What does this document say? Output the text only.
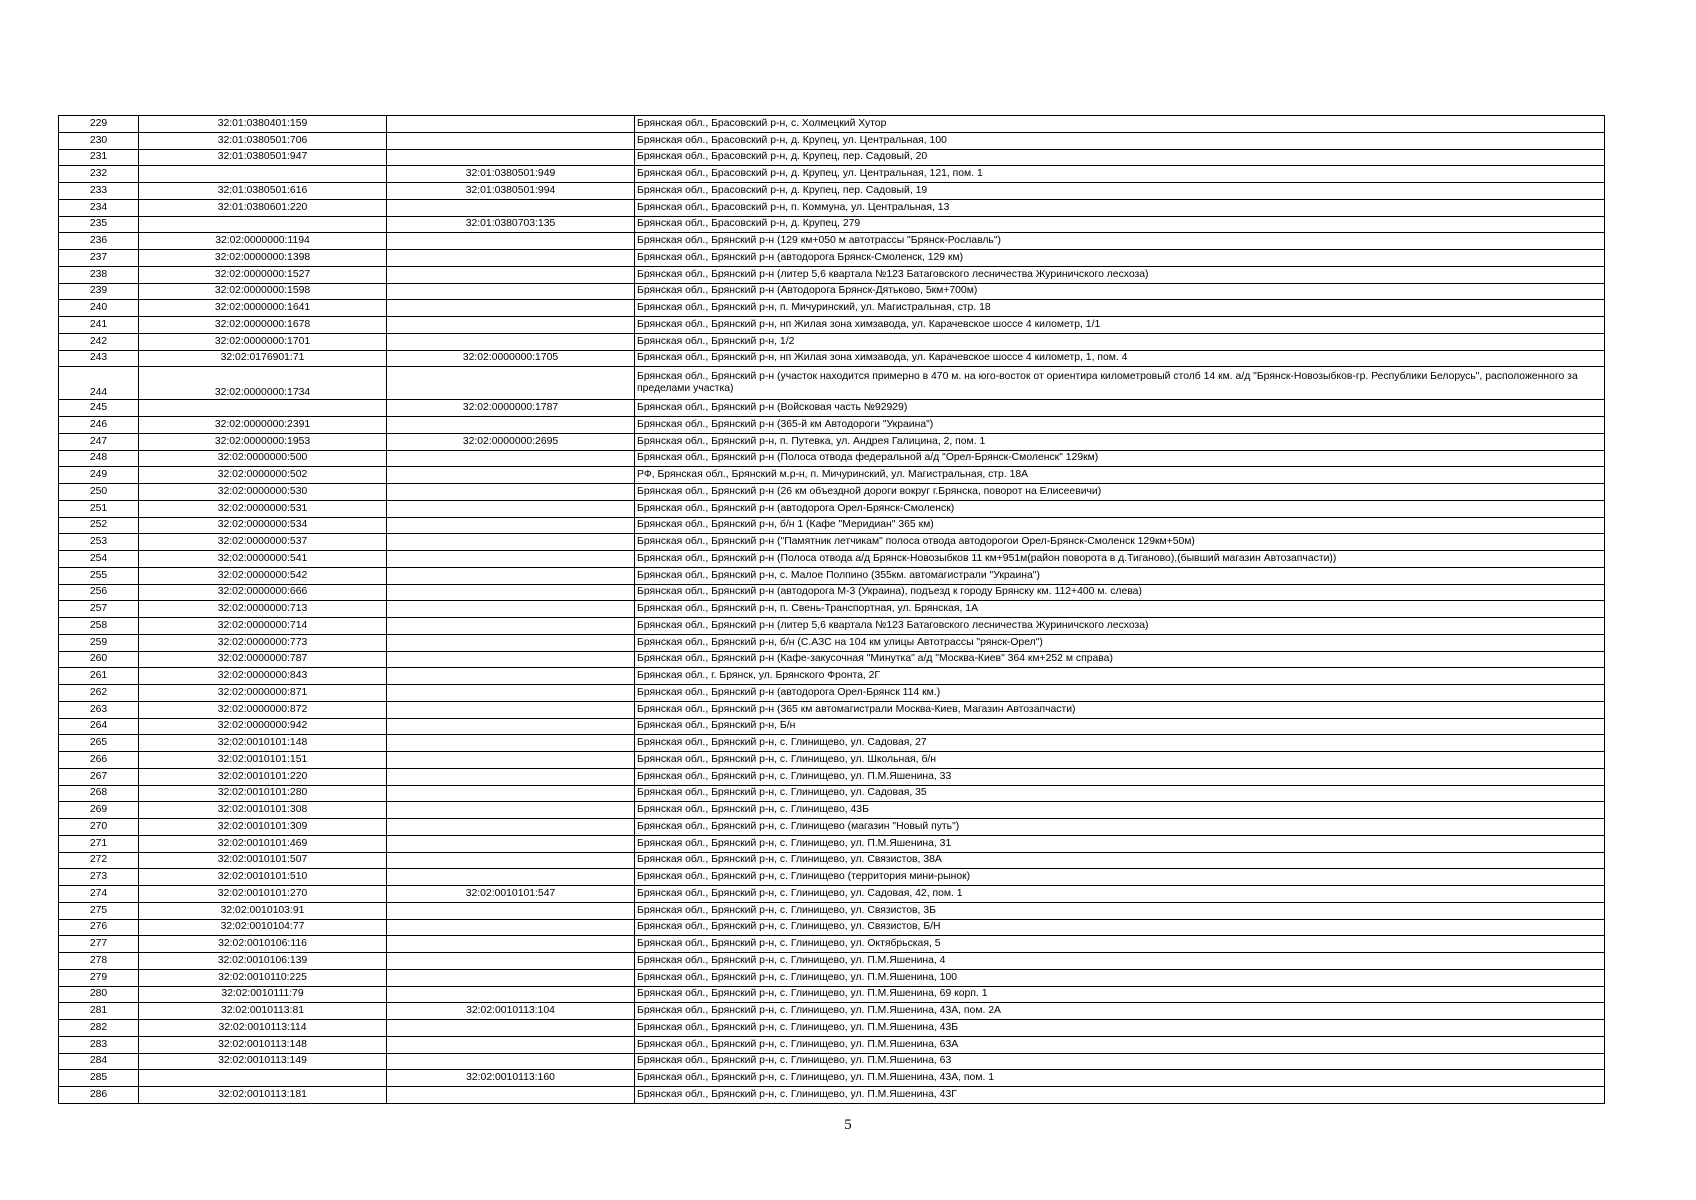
229	32:01:0380401:159		Брянская обл., Брасовский р-н, с. Холмецкий Хутор
230	32:01:0380501:706		Брянская обл., Брасовский р-н, д. Крупец, ул. Центральная, 100
231	32:01:0380501:947		Брянская обл., Брасовский р-н, д. Крупец, пер. Садовый, 20
232		32:01:0380501:949	Брянская обл., Брасовский р-н, д. Крупец, ул. Центральная, 121, пом. 1
233	32:01:0380501:616	32:01:0380501:994	Брянская обл., Брасовский р-н, д. Крупец, пер. Садовый, 19
234	32:01:0380601:220		Брянская обл., Брасовский р-н, п. Коммуна, ул. Центральная, 13
235		32:01:0380703:135	Брянская обл., Брасовский р-н, д. Крупец, 279
236	32:02:0000000:1194		Брянская обл., Брянский р-н (129 км+050 м автотрассы "Брянск-Рославль")
237	32:02:0000000:1398		Брянская обл., Брянский р-н (автодорога Брянск-Смоленск, 129 км)
238	32:02:0000000:1527		Брянская обл., Брянский р-н (литер 5,6 квартала №123 Батаговского лесничества Журиничского лесхоза)
239	32:02:0000000:1598		Брянская обл., Брянский р-н (Автодорога Брянск-Дятьково, 5км+700м)
240	32:02:0000000:1641		Брянская обл., Брянский р-н, п. Мичуринский, ул. Магистральная, стр. 18
241	32:02:0000000:1678		Брянская обл., Брянский р-н, нп Жилая зона химзавода, ул. Карачевское шоссе 4 километр, 1/1
242	32:02:0000000:1701		Брянская обл., Брянский р-н, 1/2
243	32:02:0176901:71	32:02:0000000:1705	Брянская обл., Брянский р-н, нп Жилая зона химзавода, ул. Карачевское шоссе 4 километр, 1, пом. 4
244	32:02:0000000:1734		Брянская обл., Брянский р-н (участок находится примерно в 470 м. на юго-восток от ориентира километровый столб 14 км. а/д "Брянск-Новозыбков-гр. Республики Белорусь", расположенного за пределами участка)
245		32:02:0000000:1787	Брянская обл., Брянский р-н (Войсковая часть №92929)
246	32:02:0000000:2391		Брянская обл., Брянский р-н (365-й км Автодороги "Украина")
247	32:02:0000000:1953	32:02:0000000:2695	Брянская обл., Брянский р-н, п. Путевка, ул. Андрея Галицина, 2, пом. 1
248	32:02:0000000:500		Брянская обл., Брянский р-н (Полоса отвода федеральной а/д "Орел-Брянск-Смоленск" 129км)
249	32:02:0000000:502		РФ, Брянская обл., Брянский м.р-н, п. Мичуринский, ул. Магистральная, стр. 18А
250	32:02:0000000:530		Брянская обл., Брянский р-н (26 км объездной дороги вокруг г.Брянска, поворот на Елисеевичи)
251	32:02:0000000:531		Брянская обл., Брянский р-н (автодорога Орел-Брянск-Смоленск)
252	32:02:0000000:534		Брянская обл., Брянский р-н, б/н 1 (Кафе "Меридиан" 365 км)
253	32:02:0000000:537		Брянская обл., Брянский р-н ("Памятник летчикам" полоса отвода автодорогои Орел-Брянск-Смоленск 129км+50м)
254	32:02:0000000:541		Брянская обл., Брянский р-н (Полоса отвода а/д Брянск-Новозыбков 11 км+951м(район поворота в д.Тиганово),(бывший магазин Автозапчасти))
255	32:02:0000000:542		Брянская обл., Брянский р-н, с. Малое Полпино (355км. автомагистрали "Украина")
256	32:02:0000000:666		Брянская обл., Брянский р-н (автодорога М-3 (Украина), подъезд к городу Брянску км. 112+400 м. слева)
257	32:02:0000000:713		Брянская обл., Брянский р-н, п. Свень-Транспортная, ул. Брянская, 1А
258	32:02:0000000:714		Брянская обл., Брянский р-н (литер 5,6 квартала №123 Батаговского лесничества Журиничского лесхоза)
259	32:02:0000000:773		Брянская обл., Брянский р-н, б/н (С.АЗС на 104 км улицы Автотрассы "рянск-Орел")
260	32:02:0000000:787		Брянская обл., Брянский р-н (Кафе-закусочная "Минутка" а/д "Москва-Киев" 364 км+252 м справа)
261	32:02:0000000:843		Брянская обл., г. Брянск, ул. Брянского Фронта, 2Г
262	32:02:0000000:871		Брянская обл., Брянский р-н (автодорога Орел-Брянск 114 км.)
263	32:02:0000000:872		Брянская обл., Брянский р-н (365 км автомагистрали Москва-Киев, Магазин Автозапчасти)
264	32:02:0000000:942		Брянская обл., Брянский р-н, Б/н
265	32:02:0010101:148		Брянская обл., Брянский р-н, с. Глинищево, ул. Садовая, 27
266	32:02:0010101:151		Брянская обл., Брянский р-н, с. Глинищево, ул. Школьная, б/н
267	32:02:0010101:220		Брянская обл., Брянский р-н, с. Глинищево, ул. П.М.Яшенина, 33
268	32:02:0010101:280		Брянская обл., Брянский р-н, с. Глинищево, ул. Садовая, 35
269	32:02:0010101:308		Брянская обл., Брянский р-н, с. Глинищево, 43Б
270	32:02:0010101:309		Брянская обл., Брянский р-н, с. Глинищево (магазин "Новый путь")
271	32:02:0010101:469		Брянская обл., Брянский р-н, с. Глинищево, ул. П.М.Яшенина, 31
272	32:02:0010101:507		Брянская обл., Брянский р-н, с. Глинищево, ул. Связистов, 38А
273	32:02:0010101:510		Брянская обл., Брянский р-н, с. Глинищево (территория мини-рынок)
274	32:02:0010101:270	32:02:0010101:547	Брянская обл., Брянский р-н, с. Глинищево, ул. Садовая, 42, пом. 1
275	32:02:0010103:91		Брянская обл., Брянский р-н, с. Глинищево, ул. Связистов, 3Б
276	32:02:0010104:77		Брянская обл., Брянский р-н, с. Глинищево, ул. Связистов, Б/Н
277	32:02:0010106:116		Брянская обл., Брянский р-н, с. Глинищево, ул. Октябрьская, 5
278	32:02:0010106:139		Брянская обл., Брянский р-н, с. Глинищево, ул. П.М.Яшенина, 4
279	32:02:0010110:225		Брянская обл., Брянский р-н, с. Глинищево, ул. П.М.Яшенина, 100
280	32:02:0010111:79		Брянская обл., Брянский р-н, с. Глинищево, ул. П.М.Яшенина, 69 корп. 1
281	32:02:0010113:81	32:02:0010113:104	Брянская обл., Брянский р-н, с. Глинищево, ул. П.М.Яшенина, 43А, пом. 2А
282	32:02:0010113:114		Брянская обл., Брянский р-н, с. Глинищево, ул. П.М.Яшенина, 43Б
283	32:02:0010113:148		Брянская обл., Брянский р-н, с. Глинищево, ул. П.М.Яшенина, 63А
284	32:02:0010113:149		Брянская обл., Брянский р-н, с. Глинищево, ул. П.М.Яшенина, 63
285		32:02:0010113:160	Брянская обл., Брянский р-н, с. Глинищево, ул. П.М.Яшенина, 43А, пом. 1
286	32:02:0010113:181		Брянская обл., Брянский р-н, с. Глинищево, ул. П.М.Яшенина, 43Г
5
